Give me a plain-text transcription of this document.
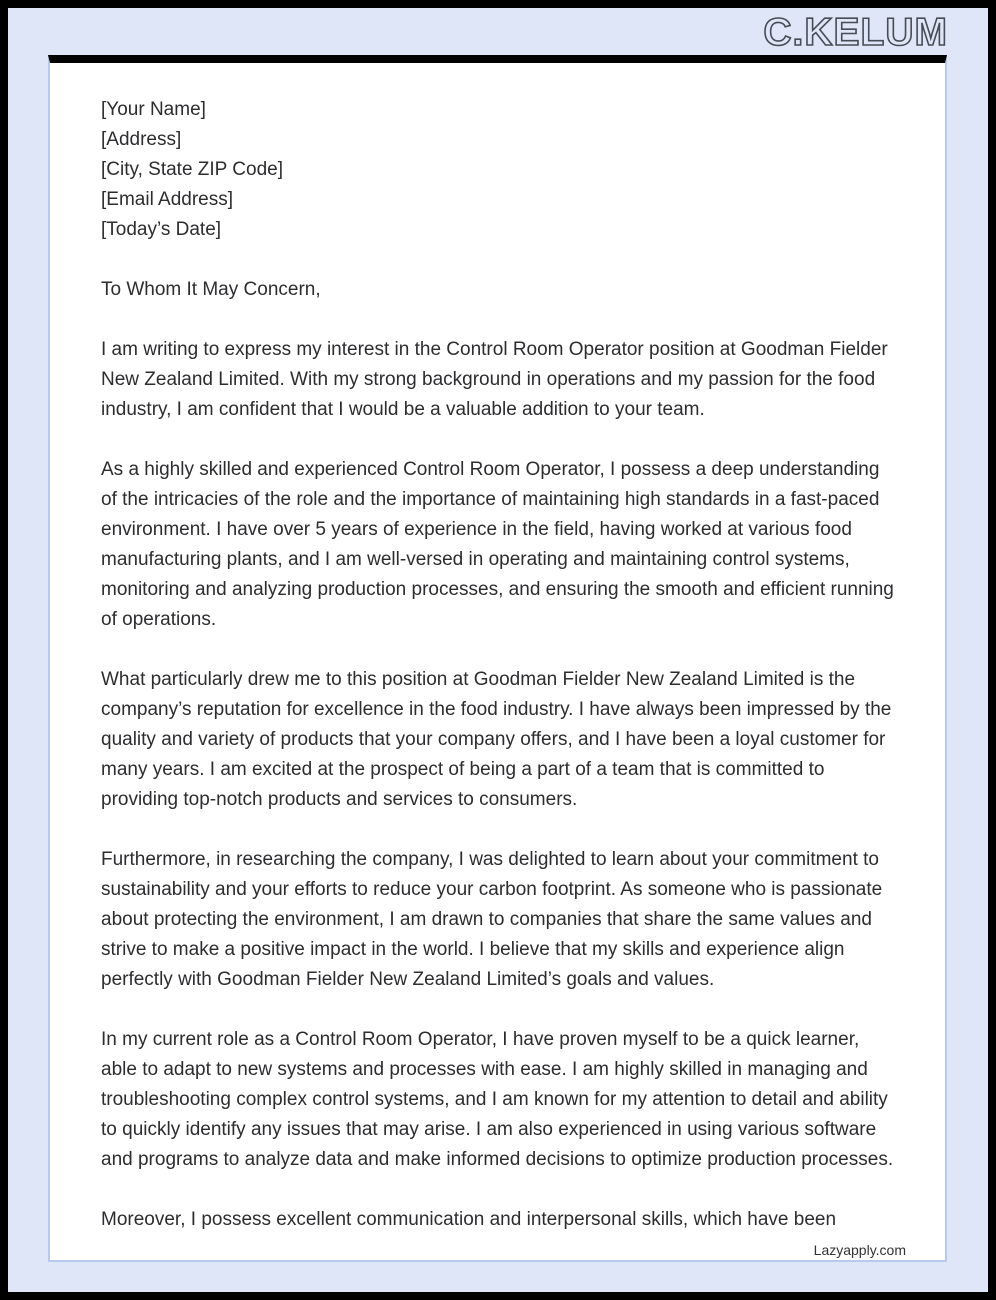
C.KELUM
[Your Name]
[Address]
[City, State ZIP Code]
[Email Address]
[Today’s Date]

To Whom It May Concern,

I am writing to express my interest in the Control Room Operator position at Goodman Fielder New Zealand Limited. With my strong background in operations and my passion for the food industry, I am confident that I would be a valuable addition to your team.

As a highly skilled and experienced Control Room Operator, I possess a deep understanding of the intricacies of the role and the importance of maintaining high standards in a fast-paced environment. I have over 5 years of experience in the field, having worked at various food manufacturing plants, and I am well-versed in operating and maintaining control systems, monitoring and analyzing production processes, and ensuring the smooth and efficient running of operations.

What particularly drew me to this position at Goodman Fielder New Zealand Limited is the company’s reputation for excellence in the food industry. I have always been impressed by the quality and variety of products that your company offers, and I have been a loyal customer for many years. I am excited at the prospect of being a part of a team that is committed to providing top-notch products and services to consumers.

Furthermore, in researching the company, I was delighted to learn about your commitment to sustainability and your efforts to reduce your carbon footprint. As someone who is passionate about protecting the environment, I am drawn to companies that share the same values and strive to make a positive impact in the world. I believe that my skills and experience align perfectly with Goodman Fielder New Zealand Limited’s goals and values.

In my current role as a Control Room Operator, I have proven myself to be a quick learner, able to adapt to new systems and processes with ease. I am highly skilled in managing and troubleshooting complex control systems, and I am known for my attention to detail and ability to quickly identify any issues that may arise. I am also experienced in using various software and programs to analyze data and make informed decisions to optimize production processes.

Moreover, I possess excellent communication and interpersonal skills, which have been

Lazyapply.com
